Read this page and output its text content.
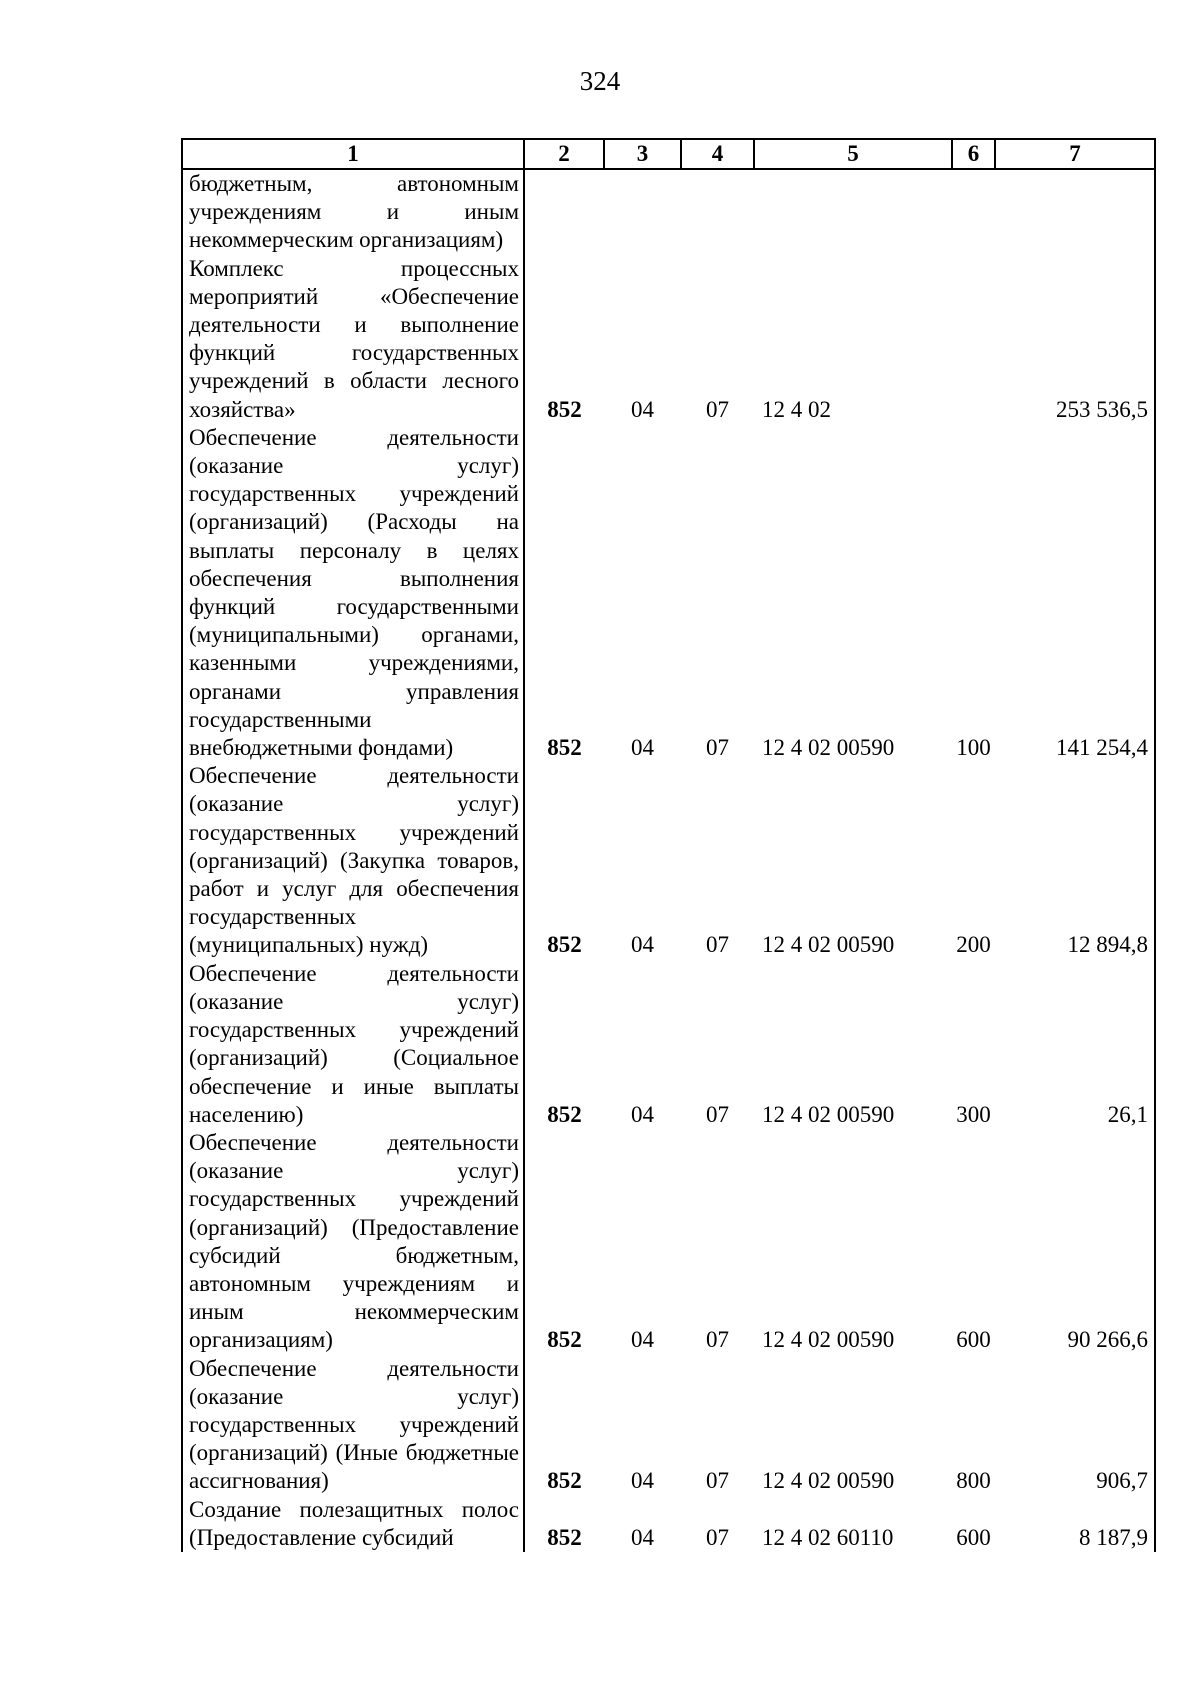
324
1	2	3	4	5	6	7
бюджетным, автономным учреждениям и иным некоммерческим организациям)						
Комплекс процессных мероприятий «Обеспечение деятельности и выполнение функций государственных учреждений в области лесного хозяйства»	852	04	07	12 4 02		253 536,5
Обеспечение деятельности (оказание услуг) государственных учреждений (организаций) (Расходы на выплаты персоналу в целях обеспечения выполнения функций государственными (муниципальными) органами, казенными учреждениями, органами управления государственными внебюджетными фондами)	852	04	07	12 4 02 00590	100	141 254,4
Обеспечение деятельности (оказание услуг) государственных учреждений (организаций) (Закупка товаров, работ и услуг для обеспечения государственных (муниципальных) нужд)	852	04	07	12 4 02 00590	200	12 894,8
Обеспечение деятельности (оказание услуг) государственных учреждений (организаций) (Социальное обеспечение и иные выплаты населению)	852	04	07	12 4 02 00590	300	26,1
Обеспечение деятельности (оказание услуг) государственных учреждений (организаций) (Предоставление субсидий бюджетным, автономным учреждениям и иным некоммерческим организациям)	852	04	07	12 4 02 00590	600	90 266,6
Обеспечение деятельности (оказание услуг) государственных учреждений (организаций) (Иные бюджетные ассигнования)	852	04	07	12 4 02 00590	800	906,7
Создание полезащитных полос (Предоставление субсидий	852	04	07	12 4 02 60110	600	8 187,9
